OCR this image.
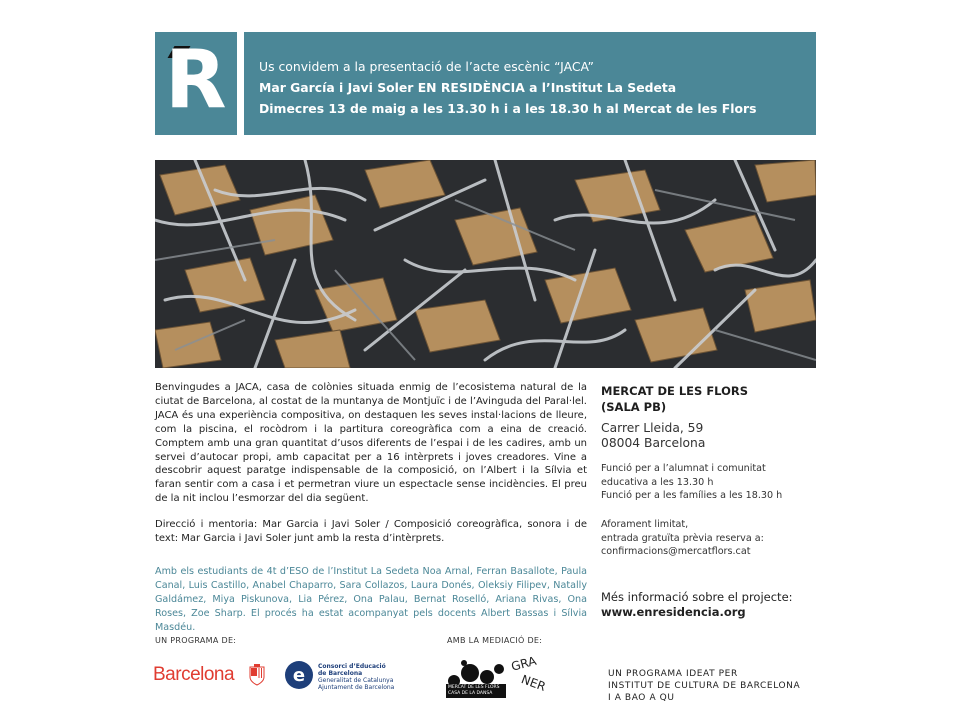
R	Us convidem a la presentació de l’acte escènic “JACA”
Mar García i Javi Soler EN RESIDÈNCIA a l’Institut La Sedeta
Dimecres 13 de maig a les 13.30 h i a les 18.30 h al Mercat de les Flors

Benvingudes a JACA, casa de colònies situada enmig de l’ecosistema natural de la ciutat de Barcelona, al costat de la muntanya de Montjuïc i de l’Avinguda del Paral·lel. JACA és una experiència compositiva, on destaquen les seves instal·lacions de lleure, com la piscina, el rocòdrom i la partitura coreogràfica com a eina de creació. Comptem amb una gran quantitat d’usos diferents de l’espai i de les cadires, amb un servei d’autocar propi, amb capacitat per a 16 intèrprets i joves creadores. Vine a descobrir aquest paratge indispensable de la composició, on l’Albert i la Sílvia et faran sentir com a casa i et permetran viure un espectacle sense incidències. El preu de la nit inclou l’esmorzar del dia següent.

Direcció i mentoria: Mar Garcia i Javi Soler / Composició coreogràfica, sonora i de text: Mar Garcia i Javi Soler junt amb la resta d’intèrprets.

Amb els estudiants de 4t d’ESO de l’Institut La Sedeta Noa Arnal, Ferran Basallote, Paula Canal, Luis Castillo, Anabel Chaparro, Sara Collazos, Laura Donés, Oleksiy Filipev, Natally Galdámez, Miya Piskunova, Lia Pérez, Ona Palau, Bernat Roselló, Ariana Rivas, Ona Roses, Zoe Sharp. El procés ha estat acompanyat pels docents Albert Bassas i Sílvia Masdéu.

MERCAT DE LES FLORS
(SALA PB)
Carrer Lleida, 59
08004 Barcelona
Funció per a l’alumnat i comunitat
educativa a les 13.30 h
Funció per a les famílies a les 18.30 h
Aforament limitat,
entrada gratuïta prèvia reserva a:
confirmacions@mercatflors.cat
Més informació sobre el projecte:
www.enresidencia.org
UN PROGRAMA DE:	AMB LA MEDIACIÓ DE:
Barcelona	e Consorci d’Educació
de Barcelona
Generalitat de Catalunya
Ajuntament de Barcelona	MERCAT DE LES FLORS
CASA DE LA DANSA
GRA
NER	UN PROGRAMA IDEAT PER
INSTITUT DE CULTURA DE BARCELONA
I A BAO A QU
